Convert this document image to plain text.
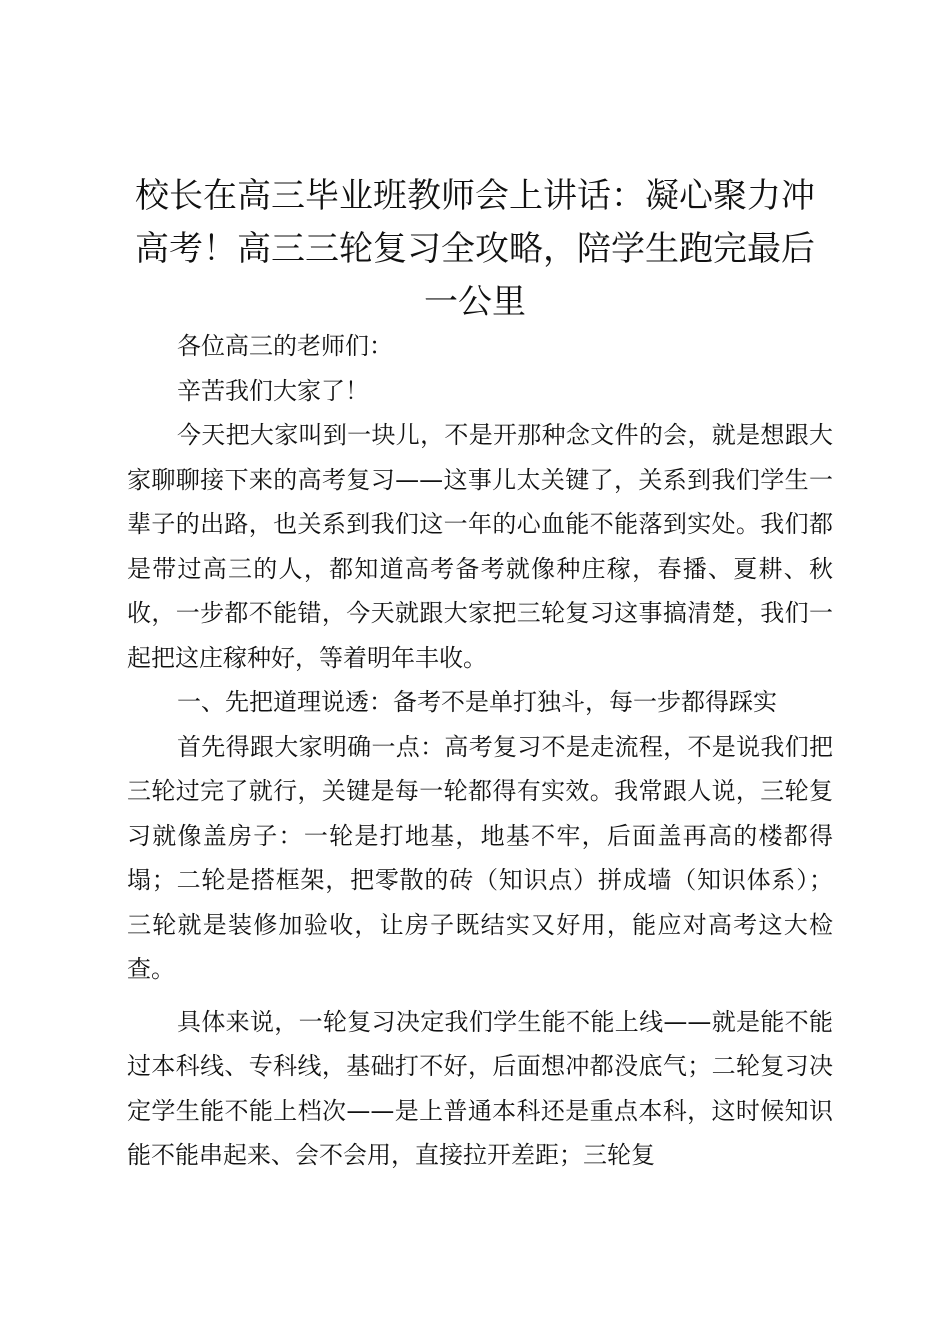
校长在高三毕业班教师会上讲话：凝心聚力冲高考！高三三轮复习全攻略，陪学生跑完最后一公里

各位高三的老师们：

辛苦我们大家了！

今天把大家叫到一块儿，不是开那种念文件的会，就是想跟大家聊聊接下来的高考复习——这事儿太关键了，关系到我们学生一辈子的出路，也关系到我们这一年的心血能不能落到实处。我们都是带过高三的人，都知道高考备考就像种庄稼，春播、夏耕、秋收，一步都不能错，今天就跟大家把三轮复习这事搞清楚，我们一起把这庄稼种好，等着明年丰收。

一、先把道理说透：备考不是单打独斗，每一步都得踩实

首先得跟大家明确一点：高考复习不是走流程，不是说我们把三轮过完了就行，关键是每一轮都得有实效。我常跟人说，三轮复习就像盖房子：一轮是打地基，地基不牢，后面盖再高的楼都得塌；二轮是搭框架，把零散的砖（知识点）拼成墙（知识体系）；三轮就是装修加验收，让房子既结实又好用，能应对高考这大检查。

具体来说，一轮复习决定我们学生能不能上线——就是能不能过本科线、专科线，基础打不好，后面想冲都没底气；二轮复习决定学生能不能上档次——是上普通本科还是重点本科，这时候知识能不能串起来、会不会用，直接拉开差距；三轮复
